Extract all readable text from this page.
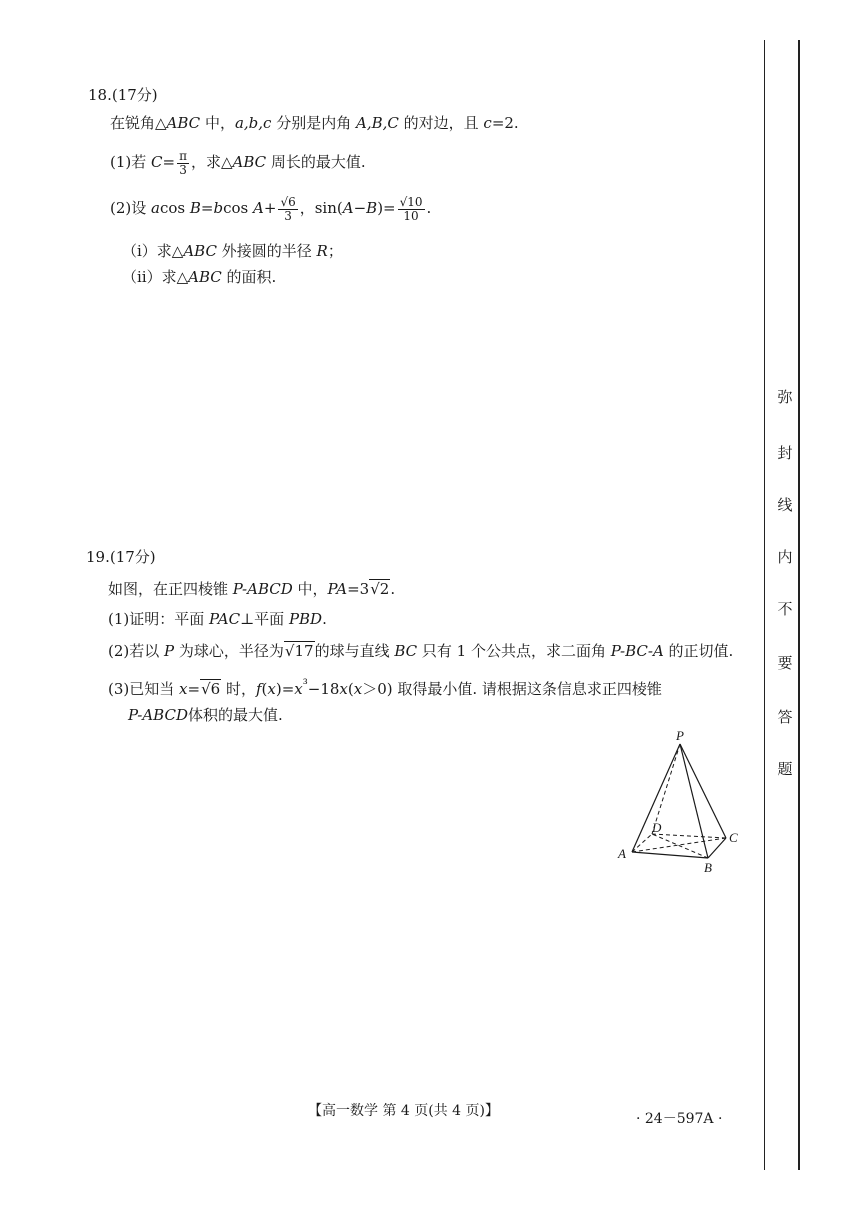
18.(17分)
在锐角△ABC 中，a,b,c 分别是内角 A,B,C 的对边，且 c=2.
(1)若 $C= \frac{\pi}{3}$ ，求△ABC 周长的最大值.
(2)设 acos B=bcos $A+ \frac{√6}{3}$ ，$\sin(A-B)= \frac{√10}{10}$ .
（ⅰ）求△ABC 外接圆的半径 R；
（ⅱ）求△ABC 的面积.
19.(17分)
如图，在正四棱锥 P-ABCD 中，PA=3√2.
(1)证明：平面 PAC⊥平面 PBD.
(2)若以 P 为球心，半径为√17的球与直线 BC 只有 1 个公共点，求二面角 P-BC-A 的正切值.
(3)已知当 x=√6 时，$f(x)=x^{^3}-18x(x>0)$ 取得最小值. 请根据这条信息求正四棱锥
P-ABCD体积的最大值.
P
A
B
C
D
弥
封
线
内
不
要
答
题
【高一数学 第 4 页(共 4 页)】	· 24－597A ·
